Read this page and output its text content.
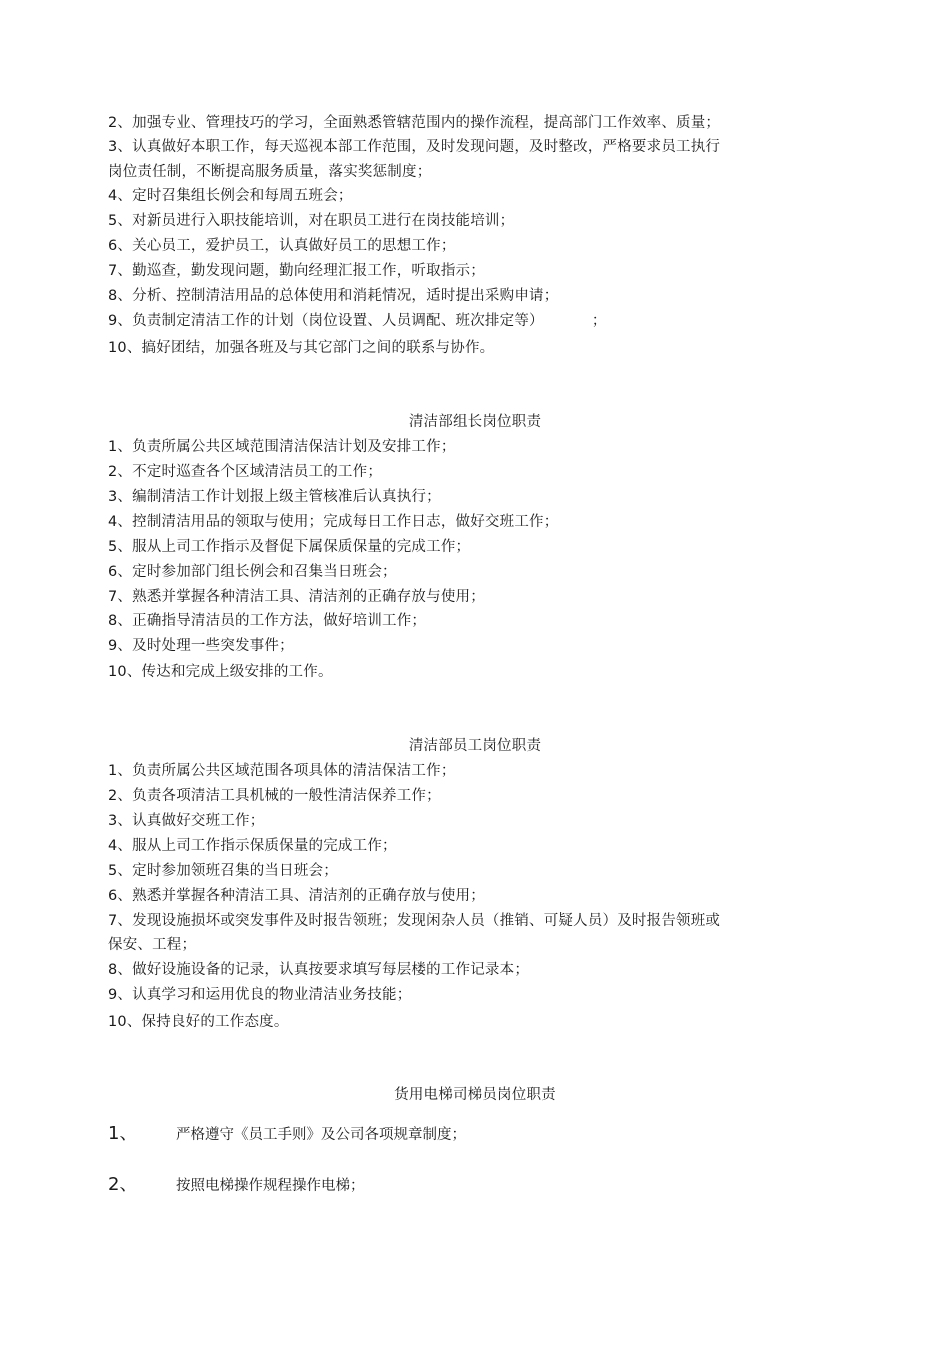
2、加强专业、管理技巧的学习，全面熟悉管辖范围内的操作流程，提高部门工作效率、质量；
3、认真做好本职工作，每天巡视本部工作范围，及时发现问题，及时整改，严格要求员工执行
岗位责任制，不断提高服务质量，落实奖惩制度；
4、定时召集组长例会和每周五班会；
5、对新员进行入职技能培训，对在职员工进行在岗技能培训；
6、关心员工，爱护员工，认真做好员工的思想工作；
7、勤巡查，勤发现问题，勤向经理汇报工作，听取指示；
8、分析、控制清洁用品的总体使用和消耗情况，适时提出采购申请；
9、负责制定清洁工作的计划（岗位设置、人员调配、班次排定等）          ；
10、搞好团结，加强各班及与其它部门之间的联系与协作。
清洁部组长岗位职责
1、负责所属公共区域范围清洁保洁计划及安排工作；
2、不定时巡查各个区域清洁员工的工作；
3、编制清洁工作计划报上级主管核准后认真执行；
4、控制清洁用品的领取与使用；完成每日工作日志，做好交班工作；
5、服从上司工作指示及督促下属保质保量的完成工作；
6、定时参加部门组长例会和召集当日班会；
7、熟悉并掌握各种清洁工具、清洁剂的正确存放与使用；
8、正确指导清洁员的工作方法，做好培训工作；
9、及时处理一些突发事件；
10、传达和完成上级安排的工作。
清洁部员工岗位职责
1、负责所属公共区域范围各项具体的清洁保洁工作；
2、负责各项清洁工具机械的一般性清洁保养工作；
3、认真做好交班工作；
4、服从上司工作指示保质保量的完成工作；
5、定时参加领班召集的当日班会；
6、熟悉并掌握各种清洁工具、清洁剂的正确存放与使用；
7、发现设施损坏或突发事件及时报告领班；发现闲杂人员（推销、可疑人员）及时报告领班或
保安、工程；
8、做好设施设备的记录，认真按要求填写每层楼的工作记录本；
9、认真学习和运用优良的物业清洁业务技能；
10、保持良好的工作态度。
货用电梯司梯员岗位职责
1、	严格遵守《员工手则》及公司各项规章制度；
2、	按照电梯操作规程操作电梯；
